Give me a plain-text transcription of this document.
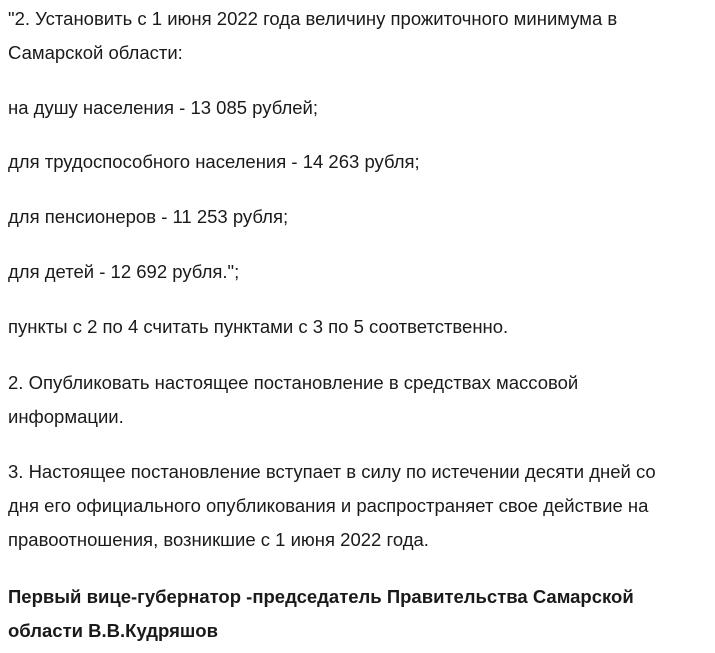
"2. Установить с 1 июня 2022 года величину прожиточного минимума в
Самарской области:

на душу населения - 13 085 рублей;

для трудоспособного населения - 14 263 рубля;

для пенсионеров - 11 253 рубля;

для детей - 12 692 рубля.";

пункты с 2 по 4 считать пунктами с 3 по 5 соответственно.

2. Опубликовать настоящее постановление в средствах массовой
информации.

3. Настоящее постановление вступает в силу по истечении десяти дней со
дня его официального опубликования и распространяет свое действие на
правоотношения, возникшие с 1 июня 2022 года.

Первый вице-губернатор -председатель Правительства Самарской
области В.В.Кудряшов
